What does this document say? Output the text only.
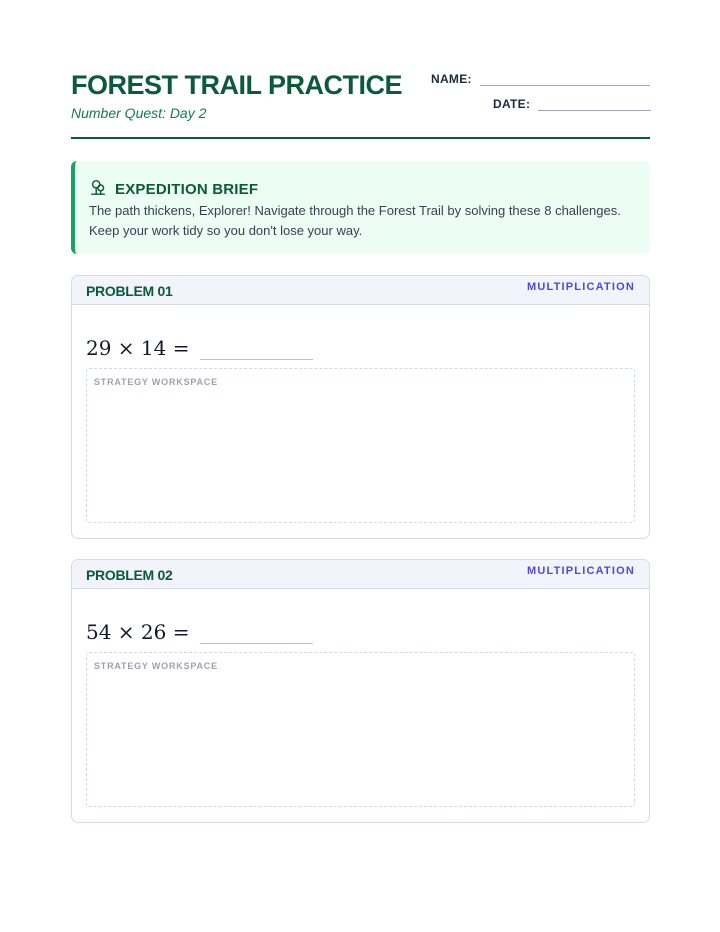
FOREST TRAIL PRACTICE
Number Quest: Day 2
NAME:
DATE:
EXPEDITION BRIEF
The path thickens, Explorer! Navigate through the Forest Trail by solving these 8 challenges. Keep your work tidy so you don't lose your way.
PROBLEM 01	MULTIPLICATION
29 × 14 =
STRATEGY WORKSPACE
PROBLEM 02	MULTIPLICATION
54 × 26 =
STRATEGY WORKSPACE
